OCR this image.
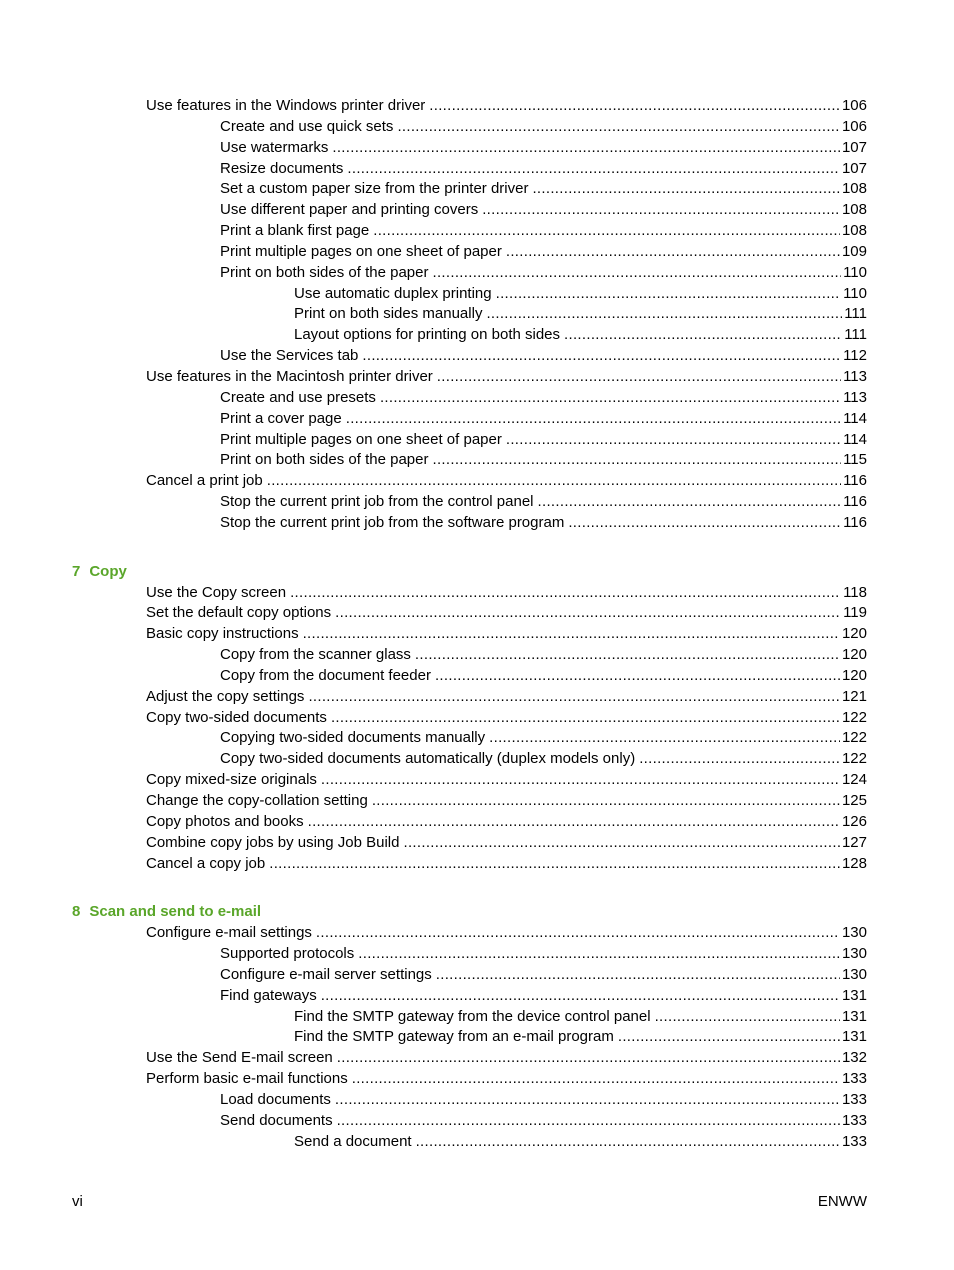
Use features in the Windows printer driver .....	106
Create and use quick sets .....	106
Use watermarks .....	107
Resize documents .....	107
Set a custom paper size from the printer driver .....	108
Use different paper and printing covers .....	108
Print a blank first page .....	108
Print multiple pages on one sheet of paper .....	109
Print on both sides of the paper .....	110
Use automatic duplex printing .....	110
Print on both sides manually .....	111
Layout options for printing on both sides .....	111
Use the Services tab .....	112
Use features in the Macintosh printer driver .....	113
Create and use presets .....	113
Print a cover page .....	114
Print multiple pages on one sheet of paper .....	114
Print on both sides of the paper .....	115
Cancel a print job .....	116
Stop the current print job from the control panel .....	116
Stop the current print job from the software program .....	116
7 Copy
Use the Copy screen .....	118
Set the default copy options .....	119
Basic copy instructions .....	120
Copy from the scanner glass .....	120
Copy from the document feeder .....	120
Adjust the copy settings .....	121
Copy two-sided documents .....	122
Copying two-sided documents manually .....	122
Copy two-sided documents automatically (duplex models only) .....	122
Copy mixed-size originals .....	124
Change the copy-collation setting .....	125
Copy photos and books .....	126
Combine copy jobs by using Job Build .....	127
Cancel a copy job .....	128
8 Scan and send to e-mail
Configure e-mail settings .....	130
Supported protocols .....	130
Configure e-mail server settings .....	130
Find gateways .....	131
Find the SMTP gateway from the device control panel .....	131
Find the SMTP gateway from an e-mail program .....	131
Use the Send E-mail screen .....	132
Perform basic e-mail functions .....	133
Load documents .....	133
Send documents .....	133
Send a document .....	133
vi	ENWW
